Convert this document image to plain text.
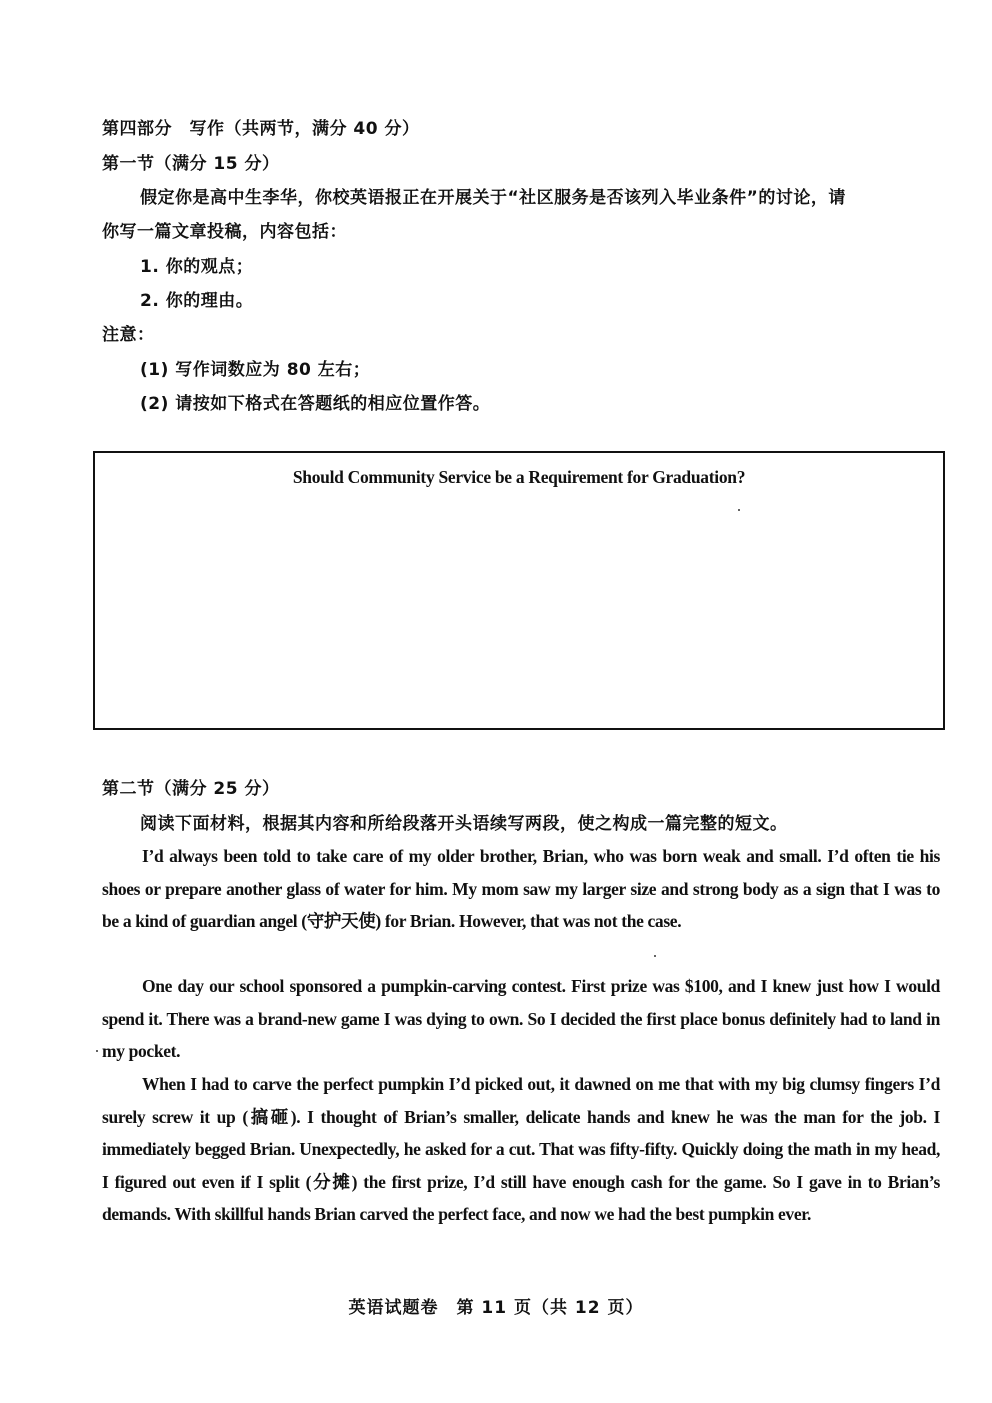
第四部分　写作（共两节，满分 40 分）
第一节（满分 15 分）
假定你是高中生李华，你校英语报正在开展关于“社区服务是否该列入毕业条件”的讨论，请
你写一篇文章投稿，内容包括：
1. 你的观点；
2. 你的理由。
注意：
(1) 写作词数应为 80 左右；
(2) 请按如下格式在答题纸的相应位置作答。
Should Community Service be a Requirement for Graduation?
第二节（满分 25 分）
阅读下面材料，根据其内容和所给段落开头语续写两段，使之构成一篇完整的短文。

I’d always been told to take care of my older brother, Brian, who was born weak and small. I’d often tie his shoes or prepare another glass of water for him. My mom saw my larger size and strong body as a sign that I was to be a kind of guardian angel (守护天使) for Brian. However, that was not the case.

One day our school sponsored a pumpkin-carving contest. First prize was $100, and I knew just how I would spend it. There was a brand-new game I was dying to own. So I decided the first place bonus definitely had to land in my pocket.

When I had to carve the perfect pumpkin I’d picked out, it dawned on me that with my big clumsy fingers I’d surely screw it up (搞砸). I thought of Brian’s smaller, delicate hands and knew he was the man for the job. I immediately begged Brian. Unexpectedly, he asked for a cut. That was fifty-fifty. Quickly doing the math in my head, I figured out even if I split (分摊) the first prize, I’d still have enough cash for the game. So I gave in to Brian’s demands. With skillful hands Brian carved the perfect face, and now we had the best pumpkin ever.

英语试题卷　第 11 页（共 12 页）
